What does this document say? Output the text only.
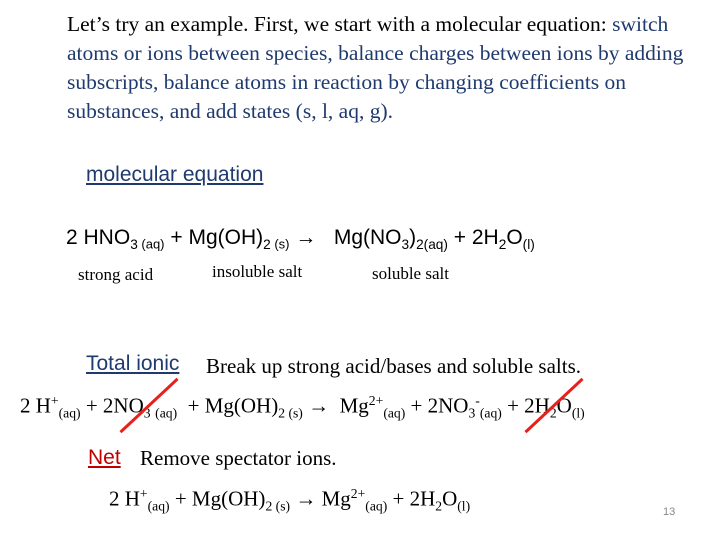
Let’s try an example. First, we start with a molecular equation: switch atoms or ions between species, balance charges between ions by adding subscripts, balance atoms in reaction by changing coefficients on substances, and add states (s, l, aq, g).
molecular equation
2 $HNO_3$ $_{(aq)} + Mg(OH)_2$ $_{(s)} \to Mg(NO_3)_{2(aq)} + 2H_2O_{(l)}$
strong acid	insoluble salt	soluble salt
Total ionic Break up strong acid/bases and soluble salts.
2 $H^+_{(aq)} + 2NO_3$ $_{(aq)} + Mg(OH)_2$ $_{(s)} \to Mg^{2+}_{(aq)} + 2NO_3^-_{(aq)} + 2H_2O_{(l)}$
Net Remove spectator ions.
2 $H^+_{(aq)} + Mg(OH)_2$ $_{(s)} \to Mg^{2+}_{(aq)} + 2H_2O_{(l)}$	13
